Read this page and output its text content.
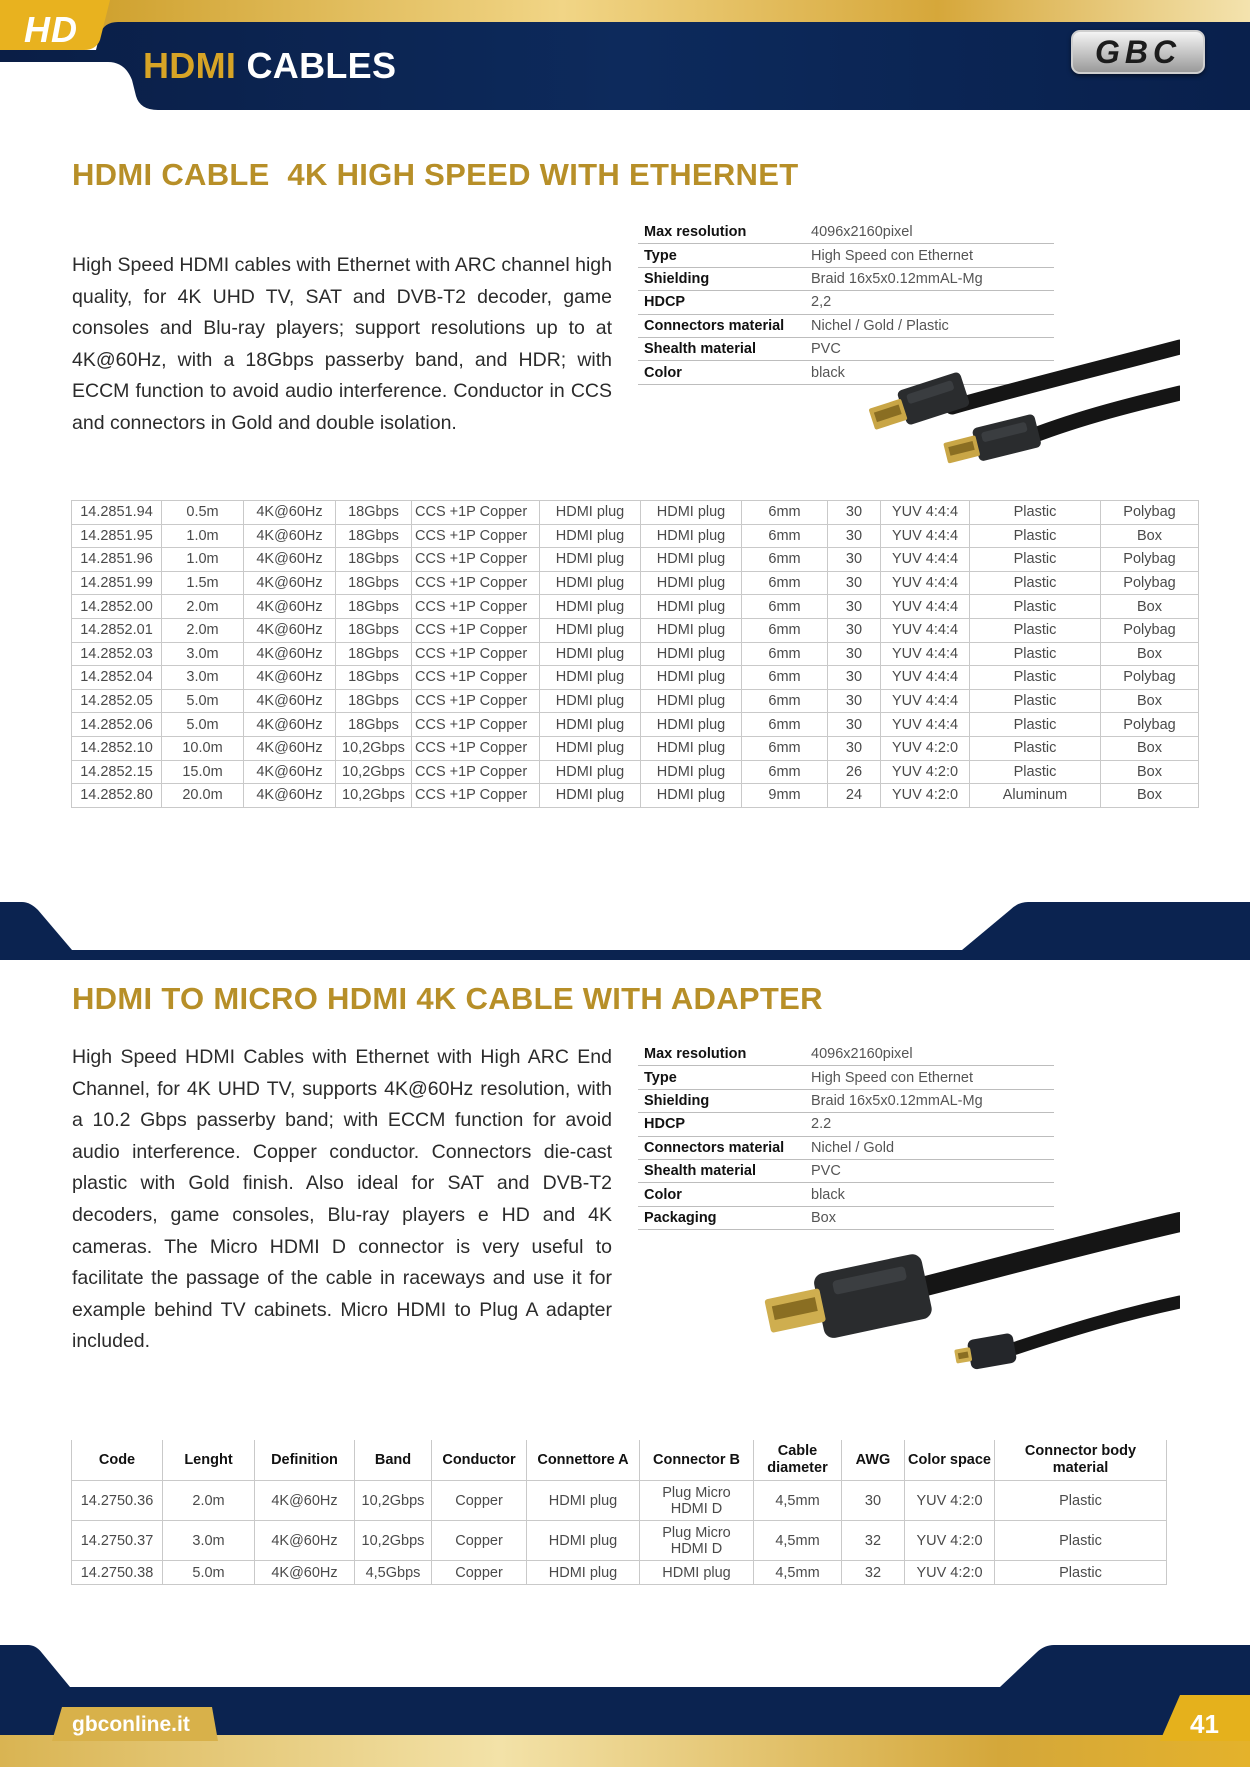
HD
HDMI CABLES	GBC
HDMI CABLE  4K HIGH SPEED WITH ETHERNET

High Speed HDMI cables with Ethernet with ARC channel high quality, for 4K UHD TV, SAT and DVB-T2 decoder, game consoles and Blu-ray players; support resolutions up to at 4K@60Hz, with a 18Gbps passerby band, and HDR; with ECCM function to avoid audio interference. Conductor in CCS and connectors in Gold and double isolation.

Max resolution	4096x2160pixel
Type	High Speed con Ethernet
Shielding	Braid 16x5x0.12mmAL-Mg
HDCP	2,2
Connectors material	Nichel / Gold / Plastic
Shealth material	PVC
Color	black
14.2851.94	0.5m	4K@60Hz	18Gbps	CCS +1P Copper	HDMI plug	HDMI plug	6mm	30	YUV 4:4:4	Plastic	Polybag
14.2851.95	1.0m	4K@60Hz	18Gbps	CCS +1P Copper	HDMI plug	HDMI plug	6mm	30	YUV 4:4:4	Plastic	Box
14.2851.96	1.0m	4K@60Hz	18Gbps	CCS +1P Copper	HDMI plug	HDMI plug	6mm	30	YUV 4:4:4	Plastic	Polybag
14.2851.99	1.5m	4K@60Hz	18Gbps	CCS +1P Copper	HDMI plug	HDMI plug	6mm	30	YUV 4:4:4	Plastic	Polybag
14.2852.00	2.0m	4K@60Hz	18Gbps	CCS +1P Copper	HDMI plug	HDMI plug	6mm	30	YUV 4:4:4	Plastic	Box
14.2852.01	2.0m	4K@60Hz	18Gbps	CCS +1P Copper	HDMI plug	HDMI plug	6mm	30	YUV 4:4:4	Plastic	Polybag
14.2852.03	3.0m	4K@60Hz	18Gbps	CCS +1P Copper	HDMI plug	HDMI plug	6mm	30	YUV 4:4:4	Plastic	Box
14.2852.04	3.0m	4K@60Hz	18Gbps	CCS +1P Copper	HDMI plug	HDMI plug	6mm	30	YUV 4:4:4	Plastic	Polybag
14.2852.05	5.0m	4K@60Hz	18Gbps	CCS +1P Copper	HDMI plug	HDMI plug	6mm	30	YUV 4:4:4	Plastic	Box
14.2852.06	5.0m	4K@60Hz	18Gbps	CCS +1P Copper	HDMI plug	HDMI plug	6mm	30	YUV 4:4:4	Plastic	Polybag
14.2852.10	10.0m	4K@60Hz	10,2Gbps	CCS +1P Copper	HDMI plug	HDMI plug	6mm	30	YUV 4:2:0	Plastic	Box
14.2852.15	15.0m	4K@60Hz	10,2Gbps	CCS +1P Copper	HDMI plug	HDMI plug	6mm	26	YUV 4:2:0	Plastic	Box
14.2852.80	20.0m	4K@60Hz	10,2Gbps	CCS +1P Copper	HDMI plug	HDMI plug	9mm	24	YUV 4:2:0	Aluminum	Box
HDMI TO MICRO HDMI 4K CABLE WITH ADAPTER

High Speed HDMI Cables with Ethernet with High ARC End Channel, for 4K UHD TV, supports 4K@60Hz resolution, with a 10.2 Gbps passerby band; with ECCM function for avoid audio interference. Copper conductor. Connectors die-cast plastic with Gold finish. Also ideal for SAT and DVB-T2 decoders, game consoles, Blu-ray players e HD and 4K cameras. The Micro HDMI D connector is very useful to facilitate the passage of the cable in raceways and use it for example behind TV cabinets. Micro HDMI to Plug A adapter included.

Max resolution	4096x2160pixel
Type	High Speed con Ethernet
Shielding	Braid 16x5x0.12mmAL-Mg
HDCP	2.2
Connectors material	Nichel / Gold
Shealth material	PVC
Color	black
Packaging	Box
Code	Lenght	Definition	Band	Conductor	Connettore A	Connector B	Cable diameter	AWG	Color space	Connector body material
14.2750.36	2.0m	4K@60Hz	10,2Gbps	Copper	HDMI plug	Plug Micro HDMI D	4,5mm	30	YUV 4:2:0	Plastic
14.2750.37	3.0m	4K@60Hz	10,2Gbps	Copper	HDMI plug	Plug Micro HDMI D	4,5mm	32	YUV 4:2:0	Plastic
14.2750.38	5.0m	4K@60Hz	4,5Gbps	Copper	HDMI plug	HDMI plug	4,5mm	32	YUV 4:2:0	Plastic
gbconline.it	41
